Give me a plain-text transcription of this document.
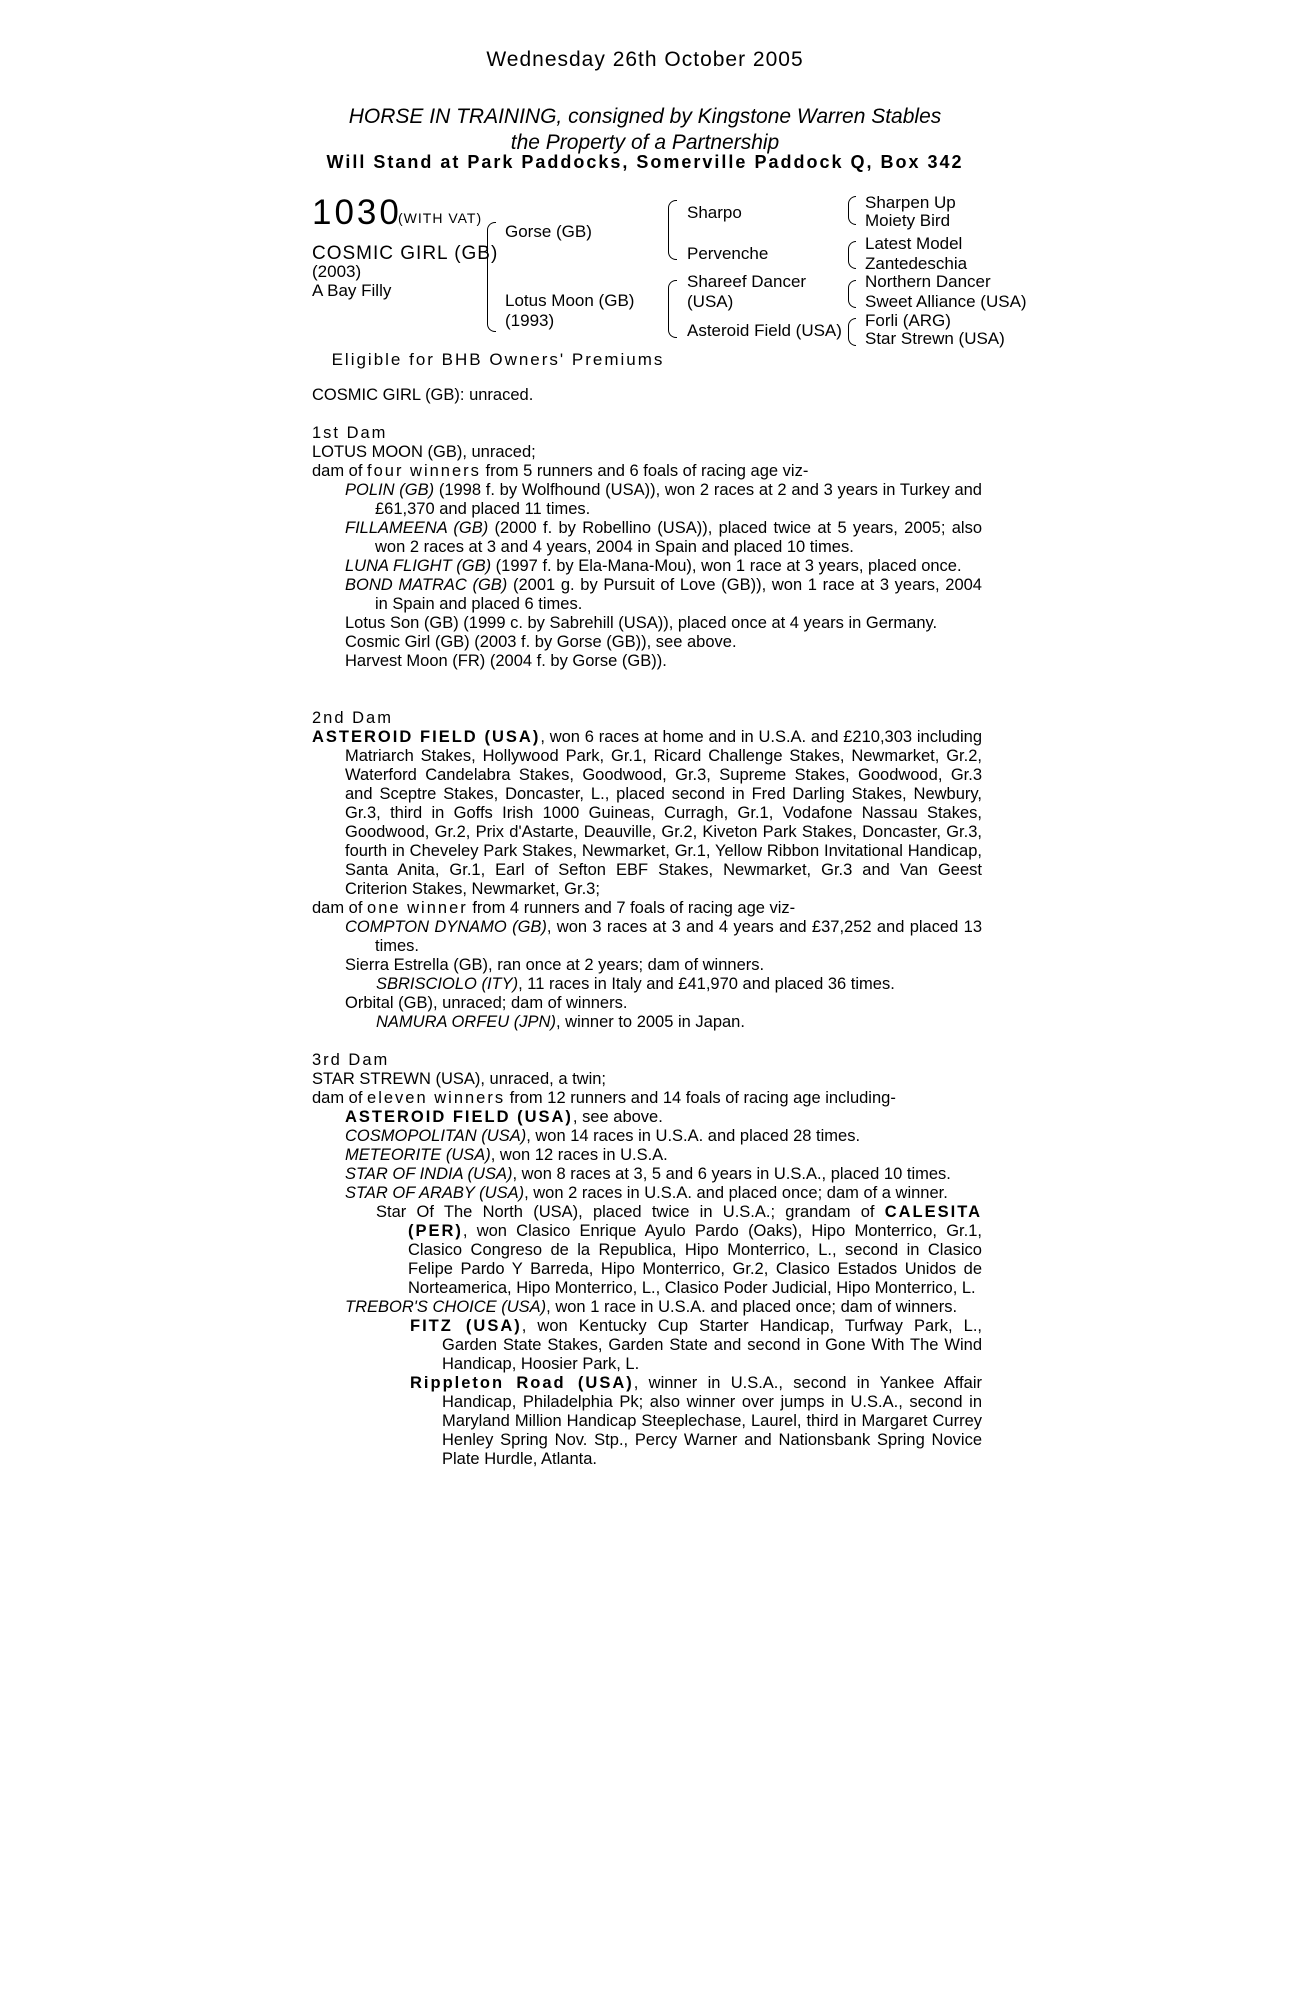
Wednesday 26th October 2005
HORSE IN TRAINING, consigned by Kingstone Warren Stables
the Property of a Partnership
Will Stand at Park Paddocks, Somerville Paddock Q, Box 342
1030
(WITH VAT)
COSMIC GIRL (GB)
(2003)
A Bay Filly
Gorse (GB)
Lotus Moon (GB)
(1993)
Sharpo
Pervenche
Shareef Dancer
(USA)
Asteroid Field (USA)
Sharpen Up
Moiety Bird
Latest Model
Zantedeschia
Northern Dancer
Sweet Alliance (USA)
Forli (ARG)
Star Strewn (USA)
Eligible for BHB Owners' Premiums

COSMIC GIRL (GB): unraced.

1st Dam

LOTUS MOON (GB), unraced;

dam of four winners from 5 runners and 6 foals of racing age viz-

POLIN (GB) (1998 f. by Wolfhound (USA)), won 2 races at 2 and 3 years in Turkey and £61,370 and placed 11 times.

FILLAMEENA (GB) (2000 f. by Robellino (USA)), placed twice at 5 years, 2005; also won 2 races at 3 and 4 years, 2004 in Spain and placed 10 times.

LUNA FLIGHT (GB) (1997 f. by Ela-Mana-Mou), won 1 race at 3 years, placed once.

BOND MATRAC (GB) (2001 g. by Pursuit of Love (GB)), won 1 race at 3 years, 2004 in Spain and placed 6 times.

Lotus Son (GB) (1999 c. by Sabrehill (USA)), placed once at 4 years in Germany.

Cosmic Girl (GB) (2003 f. by Gorse (GB)), see above.

Harvest Moon (FR) (2004 f. by Gorse (GB)).

2nd Dam

ASTEROID FIELD (USA), won 6 races at home and in U.S.A. and £210,303 including Matriarch Stakes, Hollywood Park, Gr.1, Ricard Challenge Stakes, Newmarket, Gr.2, Waterford Candelabra Stakes, Goodwood, Gr.3, Supreme Stakes, Goodwood, Gr.3 and Sceptre Stakes, Doncaster, L., placed second in Fred Darling Stakes, Newbury, Gr.3, third in Goffs Irish 1000 Guineas, Curragh, Gr.1, Vodafone Nassau Stakes, Goodwood, Gr.2, Prix d'Astarte, Deauville, Gr.2, Kiveton Park Stakes, Doncaster, Gr.3, fourth in Cheveley Park Stakes, Newmarket, Gr.1, Yellow Ribbon Invitational Handicap, Santa Anita, Gr.1, Earl of Sefton EBF Stakes, Newmarket, Gr.3 and Van Geest Criterion Stakes, Newmarket, Gr.3;

dam of one winner from 4 runners and 7 foals of racing age viz-

COMPTON DYNAMO (GB), won 3 races at 3 and 4 years and £37,252 and placed 13 times.

Sierra Estrella (GB), ran once at 2 years; dam of winners.

SBRISCIOLO (ITY), 11 races in Italy and £41,970 and placed 36 times.

Orbital (GB), unraced; dam of winners.

NAMURA ORFEU (JPN), winner to 2005 in Japan.

3rd Dam

STAR STREWN (USA), unraced, a twin;

dam of eleven winners from 12 runners and 14 foals of racing age including-

ASTEROID FIELD (USA), see above.

COSMOPOLITAN (USA), won 14 races in U.S.A. and placed 28 times.

METEORITE (USA), won 12 races in U.S.A.

STAR OF INDIA (USA), won 8 races at 3, 5 and 6 years in U.S.A., placed 10 times.

STAR OF ARABY (USA), won 2 races in U.S.A. and placed once; dam of a winner.

Star Of The North (USA), placed twice in U.S.A.; grandam of CALESITA (PER), won Clasico Enrique Ayulo Pardo (Oaks), Hipo Monterrico, Gr.1, Clasico Congreso de la Republica, Hipo Monterrico, L., second in Clasico Felipe Pardo Y Barreda, Hipo Monterrico, Gr.2, Clasico Estados Unidos de Norteamerica, Hipo Monterrico, L., Clasico Poder Judicial, Hipo Monterrico, L.

TREBOR'S CHOICE (USA), won 1 race in U.S.A. and placed once; dam of winners.

FITZ (USA), won Kentucky Cup Starter Handicap, Turfway Park, L., Garden State Stakes, Garden State and second in Gone With The Wind Handicap, Hoosier Park, L.

Rippleton Road (USA), winner in U.S.A., second in Yankee Affair Handicap, Philadelphia Pk; also winner over jumps in U.S.A., second in Maryland Million Handicap Steeplechase, Laurel, third in Margaret Currey Henley Spring Nov. Stp., Percy Warner and Nationsbank Spring Novice Plate Hurdle, Atlanta.
